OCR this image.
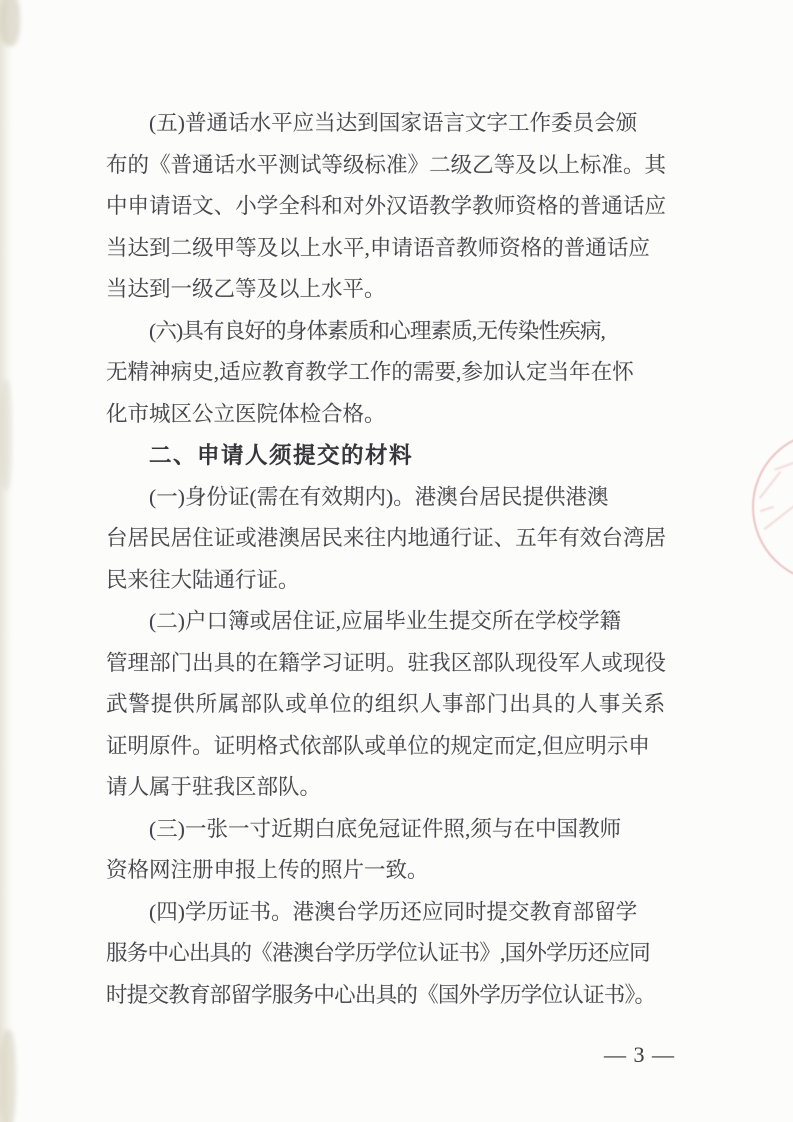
(五)普通话水平应当达到国家语言文字工作委员会颁
布的《普通话水平测试等级标准》二级乙等及以上标准。其
中申请语文、小学全科和对外汉语教学教师资格的普通话应
当达到二级甲等及以上水平,申请语音教师资格的普通话应
当达到一级乙等及以上水平。
(六)具有良好的身体素质和心理素质,无传染性疾病,
无精神病史,适应教育教学工作的需要,参加认定当年在怀
化市城区公立医院体检合格。
二、申请人须提交的材料
(一)身份证(需在有效期内)。港澳台居民提供港澳
台居民居住证或港澳居民来往内地通行证、五年有效台湾居
民来往大陆通行证。
(二)户口簿或居住证,应届毕业生提交所在学校学籍
管理部门出具的在籍学习证明。驻我区部队现役军人或现役
武警提供所属部队或单位的组织人事部门出具的人事关系
证明原件。证明格式依部队或单位的规定而定,但应明示申
请人属于驻我区部队。
(三)一张一寸近期白底免冠证件照,须与在中国教师
资格网注册申报上传的照片一致。
(四)学历证书。港澳台学历还应同时提交教育部留学
服务中心出具的《港澳台学历学位认证书》,国外学历还应同
时提交教育部留学服务中心出具的《国外学历学位认证书》。
— 3 —
